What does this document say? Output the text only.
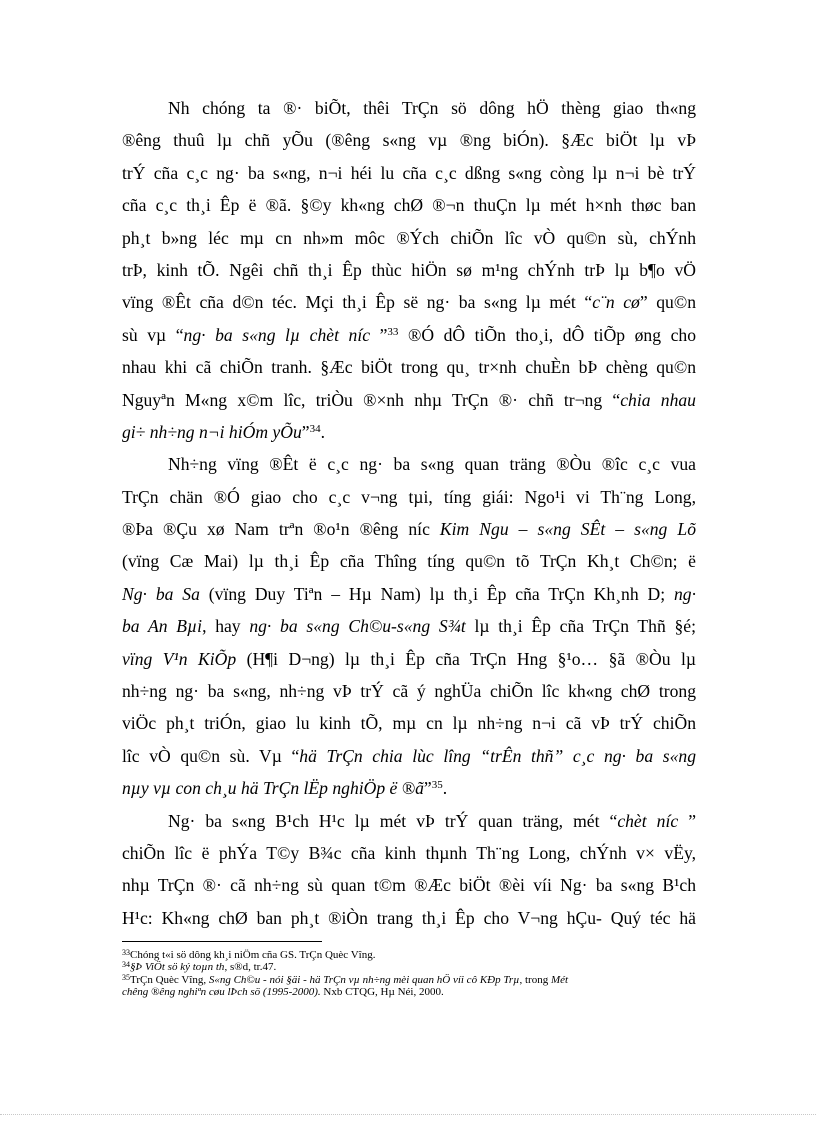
Nh chóng ta ®· biÕt, thêi TrÇn sö dông hÖ thèng giao th«ng
®êng thuû lµ chñ yÕu (®êng s«ng vµ ®ng biÓn). §Æc biÖt lµ vÞ
trÝ cña c¸c ng· ba s«ng, n¬i héi lu cña c¸c dßng s«ng còng lµ n¬i bè trÝ
cña c¸c th¸i Êp ë ®ã. §©y kh«ng chØ ®¬n thuÇn lµ mét h×nh thøc ban
ph¸t b»ng léc mµ cn nh»m môc ®Ých chiÕn lîc vÒ qu©n sù, chÝnh
trÞ, kinh tÕ. Ngêi chñ th¸i Êp thùc hiÖn sø m¹ng chÝnh trÞ lµ b¶o vÖ
vïng ®Êt cña d©n téc. Mçi th¸i Êp së ng· ba s«ng lµ mét “c¨n cø” qu©n
sù vµ “ng· ba s«ng lµ chèt níc ”$^{33}$ ®Ó dÔ tiÕn tho¸i, dÔ tiÕp øng cho
nhau khi cã chiÕn tranh. §Æc biÖt trong qu¸ tr×nh chuÈn bÞ chèng qu©n
Nguyªn M«ng x©m lîc, triÒu ®×nh nhµ TrÇn ®· chñ tr¬ng “chia nhau
gi÷ nh÷ng n¬i hiÓm yÕu”$^{34}$.
Nh÷ng vïng ®Êt ë c¸c ng· ba s«ng quan träng ®Òu ®îc c¸c vua
TrÇn chän ®Ó giao cho c¸c v¬ng tµi, tíng giái: Ngo¹i vi Th¨ng Long,
®Þa ®Çu xø Nam trªn ®o¹n ®êng níc Kim Ngu – s«ng SÊt – s«ng Lõ
(vïng Cæ Mai) lµ th¸i Êp cña Thîng tíng qu©n tõ TrÇn Kh¸t Ch©n; ë
Ng· ba Sa (vïng Duy Tiªn – Hµ Nam) lµ th¸i Êp cña TrÇn Kh¸nh D; ng·
ba An Bµi, hay ng· ba s«ng Ch©u-s«ng S¾t lµ th¸i Êp cña TrÇn Thñ §é;
vïng V¹n KiÕp (H¶i D¬ng) lµ th¸i Êp cña TrÇn Hng §¹o… §ã ®Òu lµ
nh÷ng ng· ba s«ng, nh÷ng vÞ trÝ cã ý nghÜa chiÕn lîc kh«ng chØ trong
viÖc ph¸t triÓn, giao lu kinh tÕ, mµ cn lµ nh÷ng n¬i cã vÞ trÝ chiÕn
lîc vÒ qu©n sù. Vµ “hä TrÇn chia lùc lîng “trÊn thñ” c¸c ng· ba s«ng
nµy vµ con ch¸u hä TrÇn lËp nghiÖp ë ®ã”$^{35}$.
Ng· ba s«ng B¹ch H¹c lµ mét vÞ trÝ quan träng, mét “chèt níc ”
chiÕn lîc ë phÝa T©y B¾c cña kinh thµnh Th¨ng Long, chÝnh v× vËy,
nhµ TrÇn ®· cã nh÷ng sù quan t©m ®Æc biÖt ®èi víi Ng· ba s«ng B¹ch
H¹c: Kh«ng chØ ban ph¸t ®iÒn trang th¸i Êp cho V¬ng hÇu- Quý téc hä
$^{33}$Chóng t«i sö dông kh¸i niÖm cña GS. TrÇn Quèc Vîng.
$^{34}$§Þ ViÖt sö ký toµn th, s®d, tr.47.
$^{35}$TrÇn Quèc Vîng, S«ng Ch©u - nói §äi - hä TrÇn vµ nh÷ng mèi quan hÖ víi cô KÐp Trµ, trong Mét
chêng ®êng nghiªn cøu lÞch sö (1995-2000). Nxb CTQG, Hµ Néi, 2000.
